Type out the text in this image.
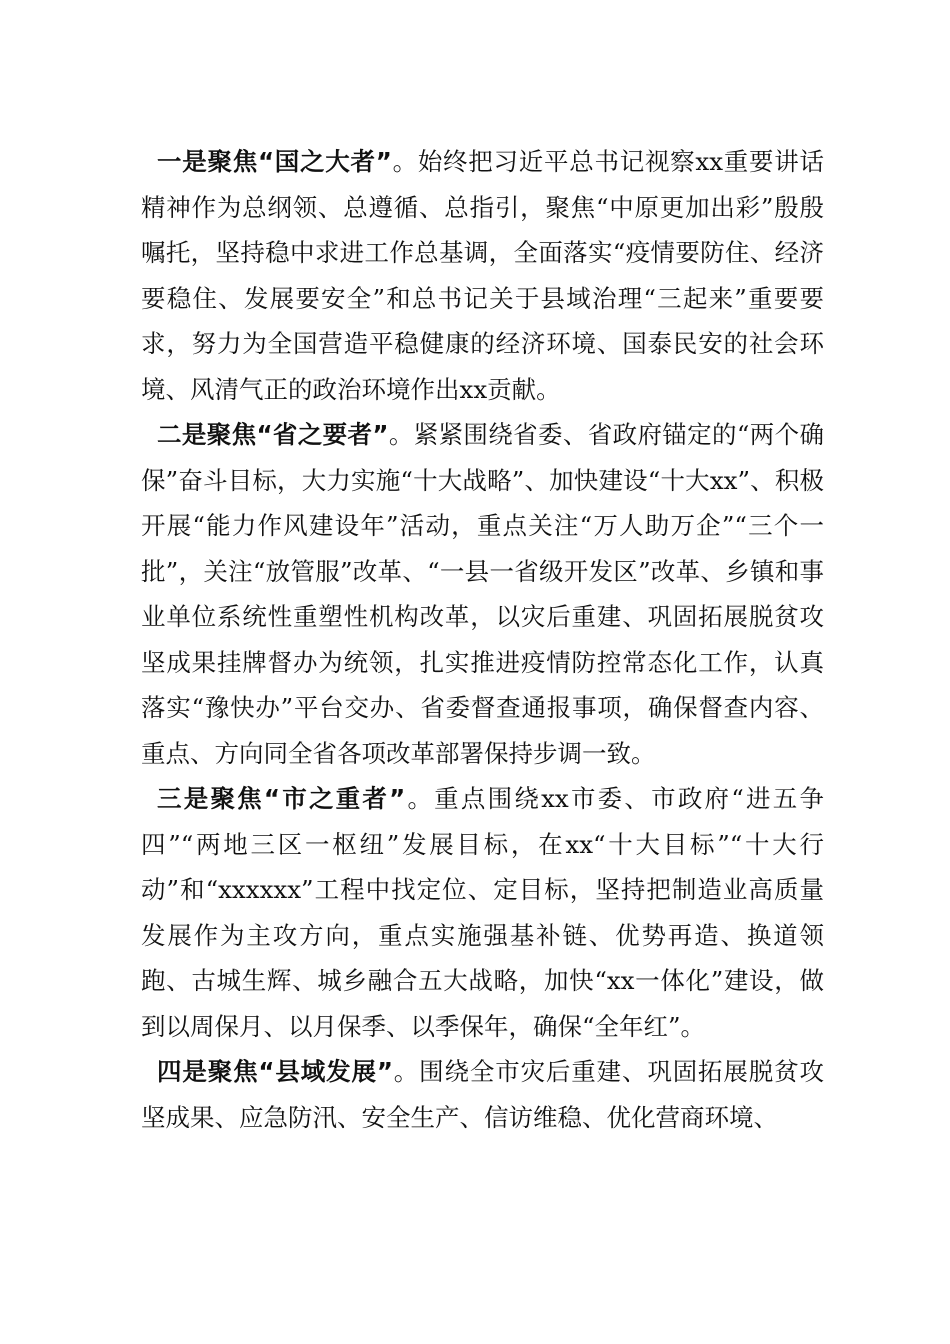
一是聚焦“国之大者”。始终把习近平总书记视察xx重要讲话精神作为总纲领、总遵循、总指引，聚焦“中原更加出彩”殷殷嘱托，坚持稳中求进工作总基调，全面落实“疫情要防住、经济要稳住、发展要安全”和总书记关于县域治理“三起来”重要要求，努力为全国营造平稳健康的经济环境、国泰民安的社会环境、风清气正的政治环境作出xx贡献。

二是聚焦“省之要者”。紧紧围绕省委、省政府锚定的“两个确保”奋斗目标，大力实施“十大战略”、加快建设“十大xx”、积极开展“能力作风建设年”活动，重点关注“万人助万企”“三个一批”，关注“放管服”改革、“一县一省级开发区”改革、乡镇和事业单位系统性重塑性机构改革，以灾后重建、巩固拓展脱贫攻坚成果挂牌督办为统领，扎实推进疫情防控常态化工作，认真落实“豫快办”平台交办、省委督查通报事项，确保督查内容、重点、方向同全省各项改革部署保持步调一致。

三是聚焦“市之重者”。重点围绕xx市委、市政府“进五争四”“两地三区一枢纽”发展目标，在xx“十大目标”“十大行动”和“xxxxxx”工程中找定位、定目标，坚持把制造业高质量发展作为主攻方向，重点实施强基补链、优势再造、换道领跑、古城生辉、城乡融合五大战略，加快“xx一体化”建设，做到以周保月、以月保季、以季保年，确保“全年红”。

四是聚焦“县域发展”。围绕全市灾后重建、巩固拓展脱贫攻坚成果、应急防汛、安全生产、信访维稳、优化营商环境、
